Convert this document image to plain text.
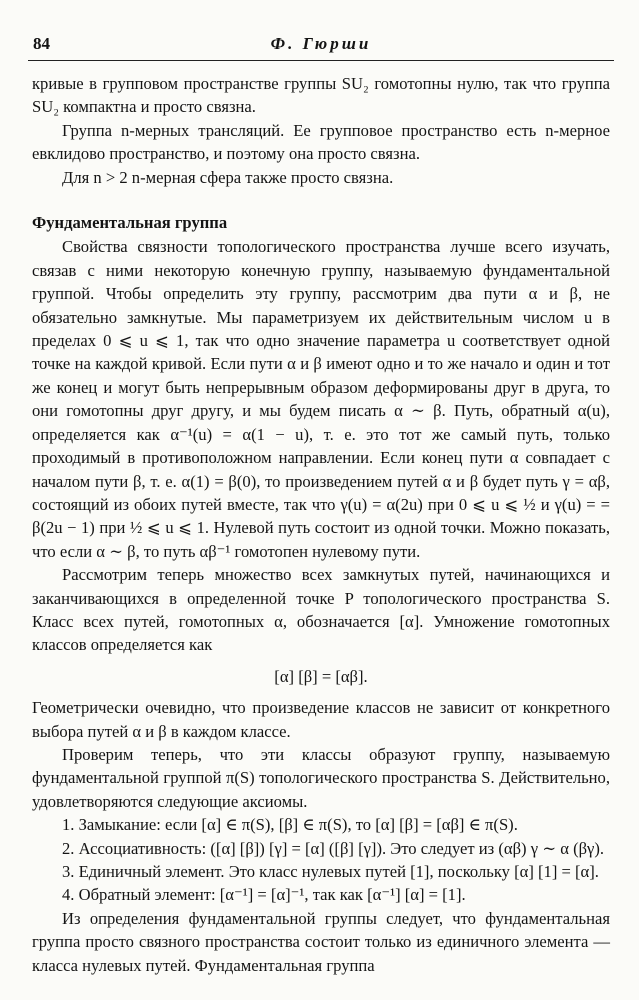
84	Ф. Гюрши

кривые в групповом пространстве группы SU₂ гомотопны нулю, так что группа SU₂ компактна и просто связна.

Группа n-мерных трансляций. Ее групповое пространство есть n-мерное евклидово пространство, и поэтому она просто связна.

Для n > 2 n-мерная сфера также просто связна.

Фундаментальная группа

Свойства связности топологического пространства лучше всего изучать, связав с ними некоторую конечную группу, называемую фундаментальной группой. Чтобы определить эту группу, рассмотрим два пути α и β, не обязательно замкнутые. Мы параметризуем их действительным числом u в пределах 0 ⩽ u ⩽ 1, так что одно значение параметра u соответствует одной точке на каждой кривой. Если пути α и β имеют одно и то же начало и один и тот же конец и могут быть непрерывным образом деформированы друг в друга, то они гомотопны друг другу, и мы будем писать α ∼ β. Путь, обратный α(u), определяется как α⁻¹(u) = α(1 − u), т. е. это тот же самый путь, только проходимый в противоположном направлении. Если конец пути α совпадает с началом пути β, т. е. α(1) = β(0), то произведением путей α и β будет путь γ = αβ, состоящий из обоих путей вместе, так что γ(u) = α(2u) при 0 ⩽ u ⩽ ½ и γ(u) = = β(2u − 1) при ½ ⩽ u ⩽ 1. Нулевой путь состоит из одной точки. Можно показать, что если α ∼ β, то путь αβ⁻¹ гомотопен нулевому пути.

Рассмотрим теперь множество всех замкнутых путей, начинающихся и заканчивающихся в определенной точке P топологического пространства S. Класс всех путей, гомотопных α, обозначается [α]. Умножение гомотопных классов определяется как

[α] [β] = [αβ].

Геометрически очевидно, что произведение классов не зависит от конкретного выбора путей α и β в каждом классе.

Проверим теперь, что эти классы образуют группу, называемую фундаментальной группой π(S) топологического пространства S. Действительно, удовлетворяются следующие аксиомы.

1. Замыкание: если [α] ∈ π(S), [β] ∈ π(S), то [α] [β] = [αβ] ∈ π(S).

2. Ассоциативность: ([α] [β]) [γ] = [α] ([β] [γ]). Это следует из (αβ) γ ∼ α (βγ).

3. Единичный элемент. Это класс нулевых путей [1], поскольку [α] [1] = [α].

4. Обратный элемент: [α⁻¹] = [α]⁻¹, так как [α⁻¹] [α] = [1].

Из определения фундаментальной группы следует, что фундаментальная группа просто связного пространства состоит только из единичного элемента — класса нулевых путей. Фундаментальная группа
